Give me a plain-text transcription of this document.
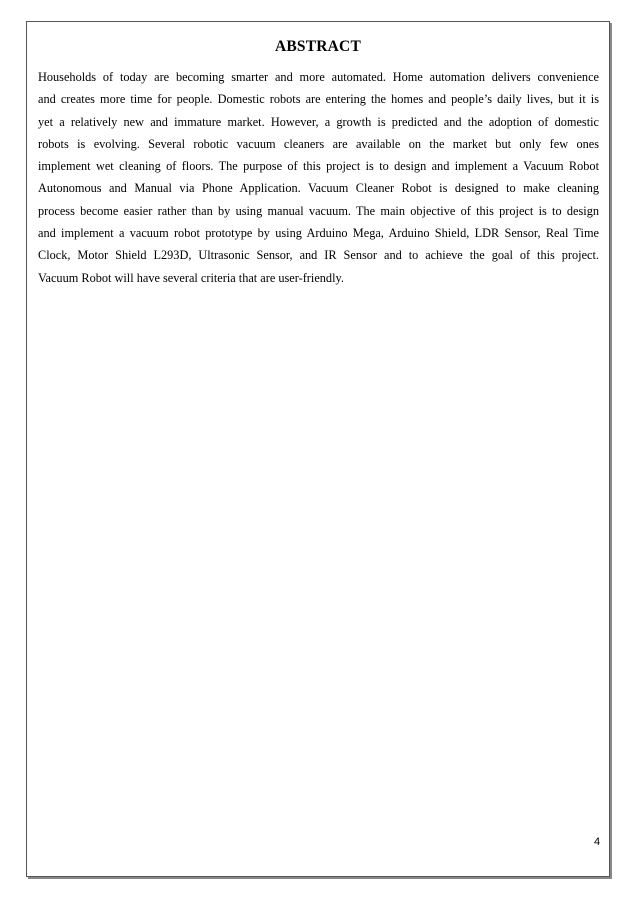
ABSTRACT

Households of today are becoming smarter and more automated. Home automation delivers convenience
and creates more time for people. Domestic robots are entering the homes and people’s daily lives, but it is
yet a relatively new and immature market. However, a growth is predicted and the adoption of domestic
robots is evolving. Several robotic vacuum cleaners are available on the market but only few ones
implement wet cleaning of floors. The purpose of this project is to design and implement a Vacuum Robot
Autonomous and Manual via Phone Application. Vacuum Cleaner Robot is designed to make cleaning
process become easier rather than by using manual vacuum. The main objective of this project is to design
and implement a vacuum robot prototype by using Arduino Mega, Arduino Shield, LDR Sensor, Real Time
Clock, Motor Shield L293D, Ultrasonic Sensor, and IR Sensor and to achieve the goal of this project.
Vacuum Robot will have several criteria that are user-friendly.

4
